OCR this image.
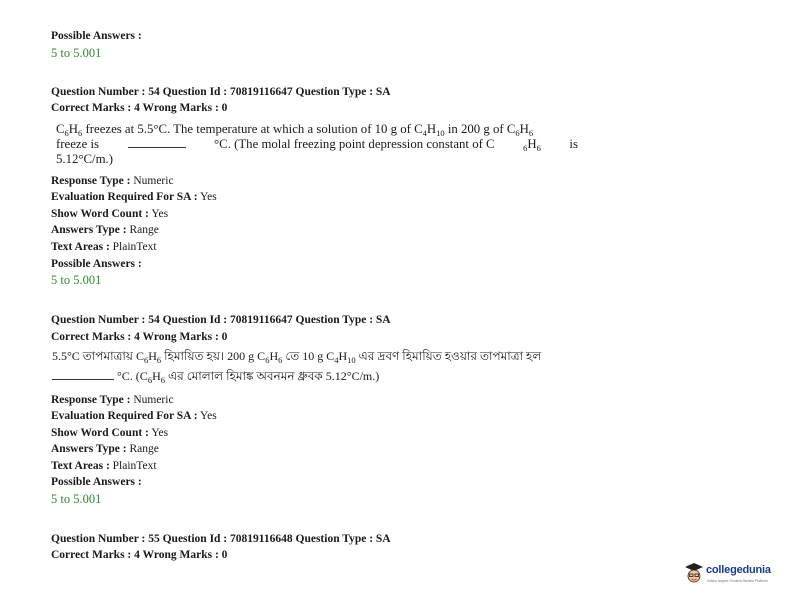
Possible Answers :
5 to 5.001
Question Number : 54 Question Id : 70819116647 Question Type : SA
Correct Marks : 4 Wrong Marks : 0
$C_6H_6$ freezes at 5.5°C. The temperature at which a solution of 10 g of $C_4H_{10}$ in 200 g of $C_6H_6$
freeze is	°C. (The molal freezing point depression constant of C	$_6H_6$ is
5.12°C/m.)
Response Type : Numeric
Evaluation Required For SA : Yes
Show Word Count : Yes
Answers Type : Range
Text Areas : PlainText
Possible Answers :
5 to 5.001
Question Number : 54 Question Id : 70819116647 Question Type : SA
Correct Marks : 4 Wrong Marks : 0
5.5°C তাপমাত্রায় $C_6H_6$ হিমায়িত হয়। 200 g $C_6H_6$ তে 10 g $C_4H_{10}$ এর দ্রবণ হিমায়িত হওয়ার তাপমাত্রা হল
°C. ($C_6H_6$ এর মোলাল হিমাঙ্ক অবনমন ধ্রুবক 5.12°C/m.)
Response Type : Numeric
Evaluation Required For SA : Yes
Show Word Count : Yes
Answers Type : Range
Text Areas : PlainText
Possible Answers :
5 to 5.001
Question Number : 55 Question Id : 70819116648 Question Type : SA
Correct Marks : 4 Wrong Marks : 0
collegedunia
India's largest Student Review Platform
